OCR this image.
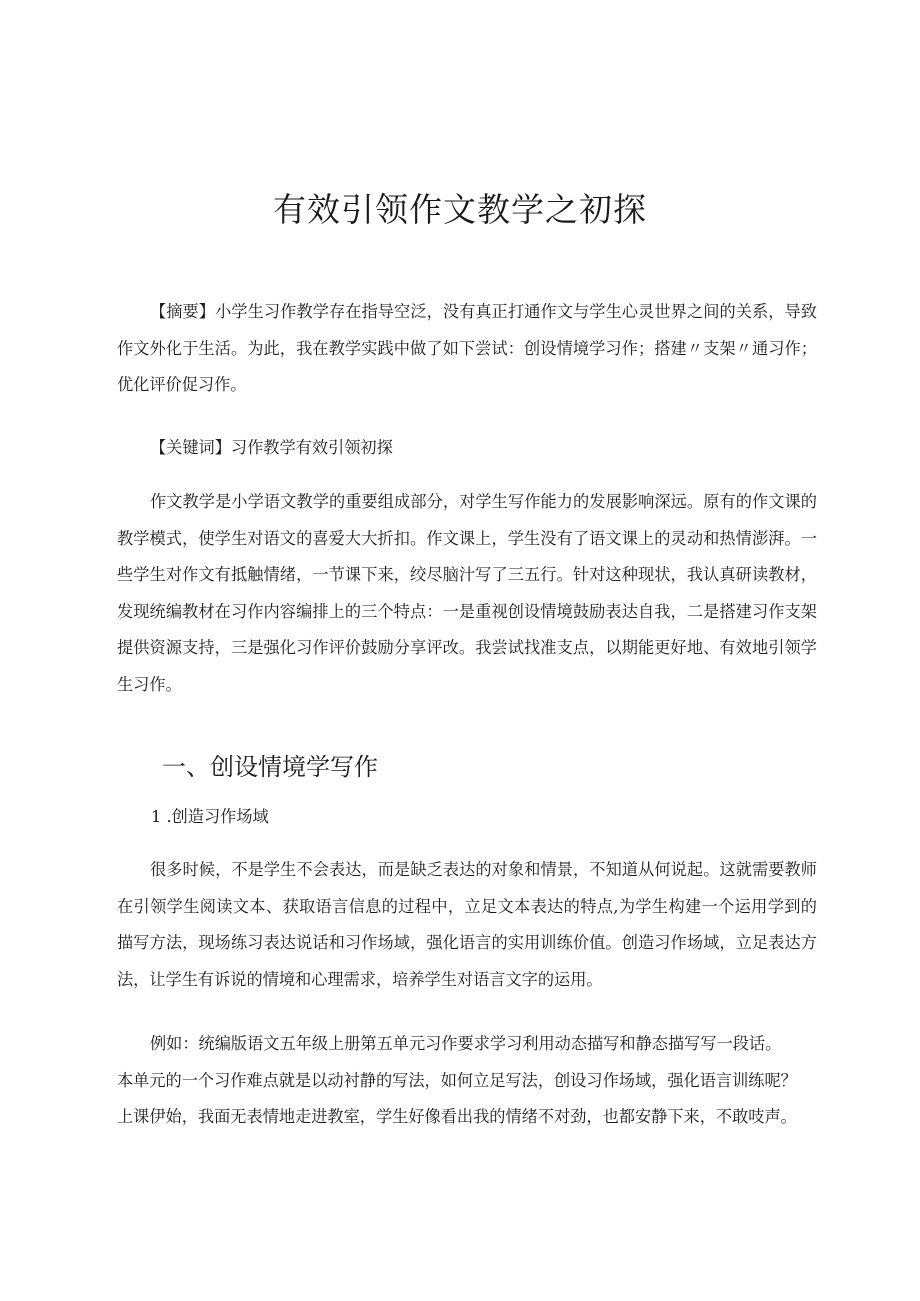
有效引领作文教学之初探

【摘要】小学生习作教学存在指导空泛，没有真正打通作文与学生心灵世界之间的关系，导致作文外化于生活。为此，我在教学实践中做了如下尝试：创设情境学习作；搭建〃支架〃通习作；优化评价促习作。

【关键词】习作教学有效引领初探

作文教学是小学语文教学的重要组成部分，对学生写作能力的发展影响深远。原有的作文课的教学模式，使学生对语文的喜爱大大折扣。作文课上，学生没有了语文课上的灵动和热情澎湃。一些学生对作文有抵触情绪，一节课下来，绞尽脑汁写了三五行。针对这种现状，我认真研读教材，发现统编教材在习作内容编排上的三个特点：一是重视创设情境鼓励表达自我，二是搭建习作支架提供资源支持，三是强化习作评价鼓励分享评改。我尝试找准支点，以期能更好地、有效地引领学生习作。

一、创设情境学写作
1 .创造习作场域

很多时候，不是学生不会表达，而是缺乏表达的对象和情景，不知道从何说起。这就需要教师在引领学生阅读文本、获取语言信息的过程中，立足文本表达的特点,为学生构建一个运用学到的描写方法，现场练习表达说话和习作场域，强化语言的实用训练价值。创造习作场域，立足表达方法，让学生有诉说的情境和心理需求，培养学生对语言文字的运用。

例如：统编版语文五年级上册第五单元习作要求学习利用动态描写和静态描写写一段话。
本单元的一个习作难点就是以动衬静的写法，如何立足写法，创设习作场域，强化语言训练呢？
上课伊始，我面无表情地走进教室，学生好像看出我的情绪不对劲，也都安静下来，不敢吱声。
